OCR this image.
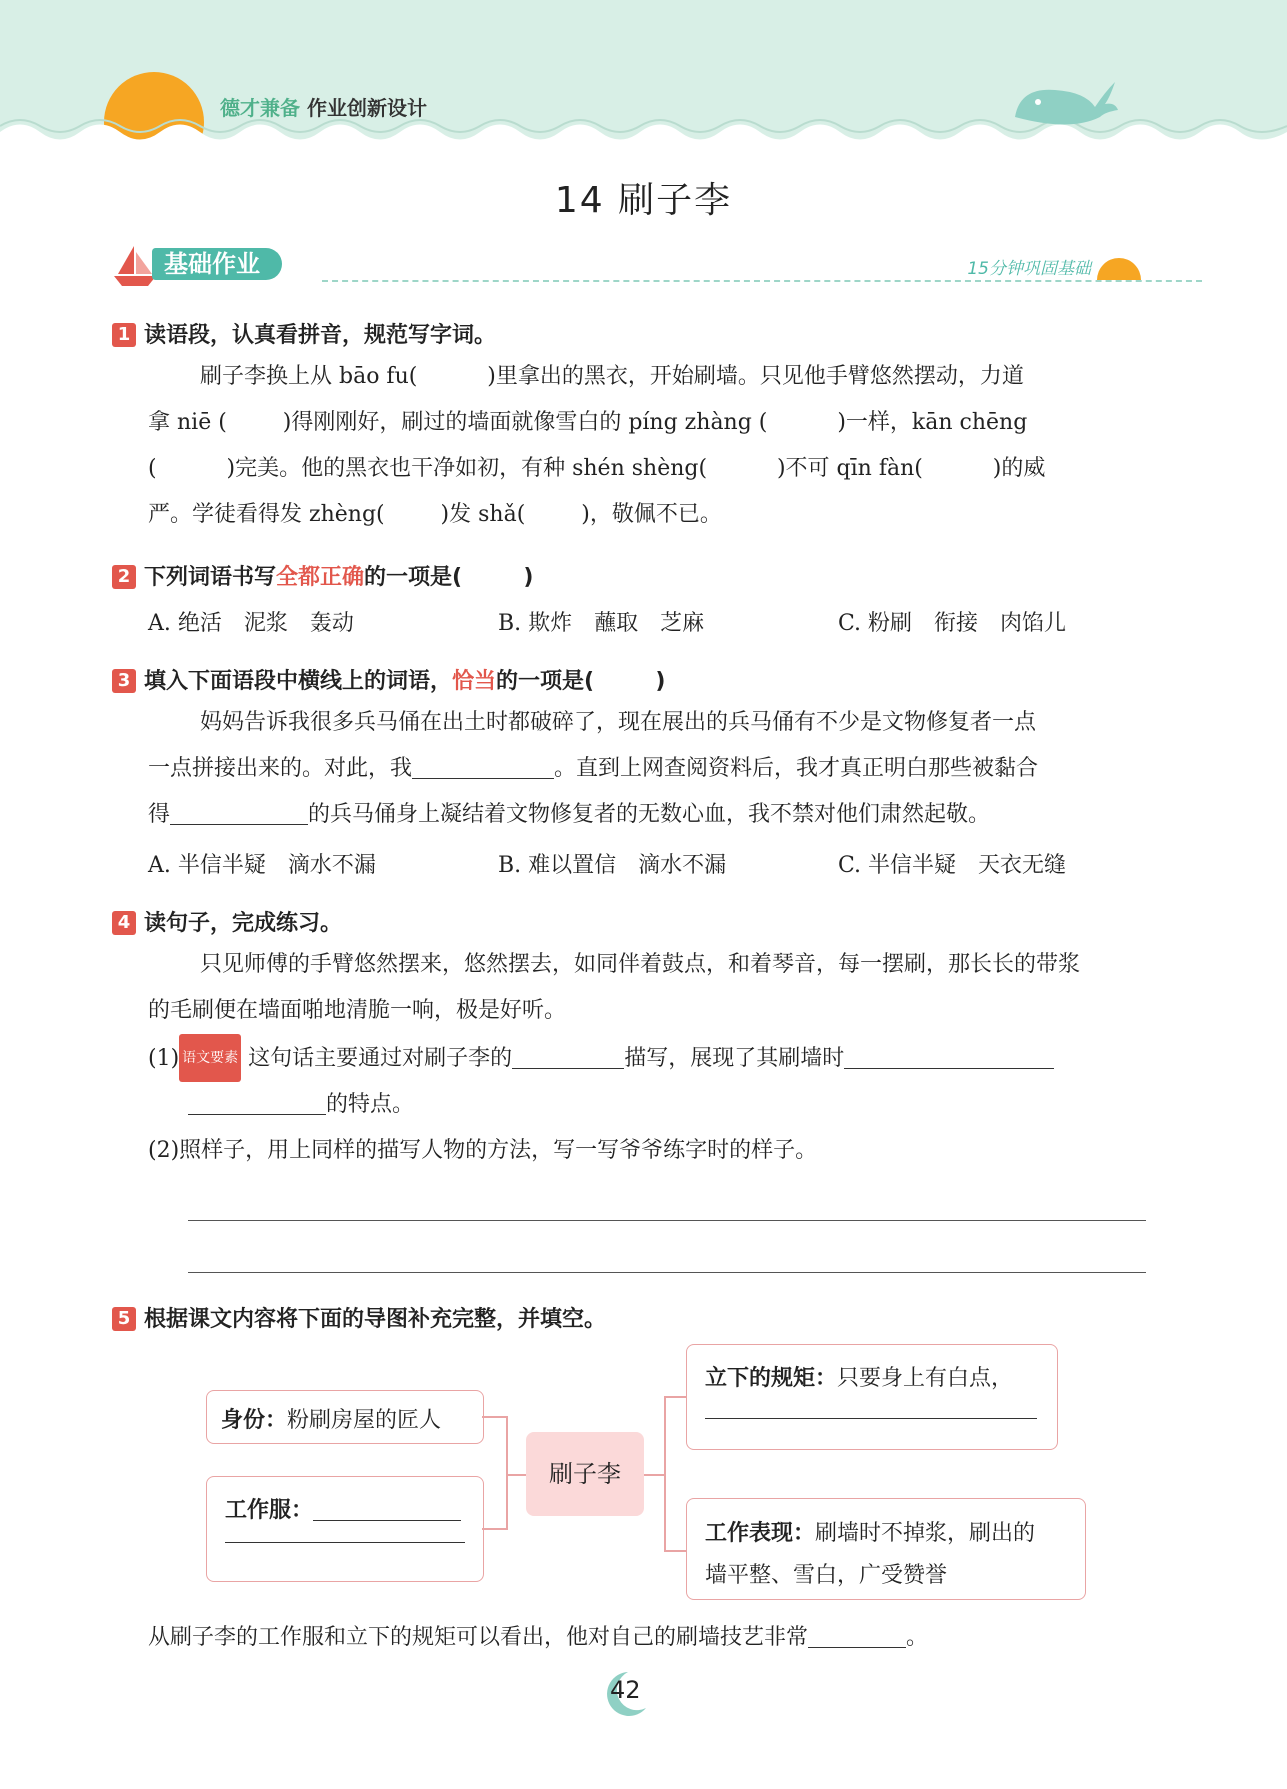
德才兼备 作业创新设计
14 刷子李
基础作业	15分钟巩固基础
1 读语段，认真看拼音，规范写字词。
刷子李换上从 bāo fu(          )里拿出的黑衣，开始刷墙。只见他手臂悠然摆动，力道
拿 niē (        )得刚刚好，刷过的墙面就像雪白的 píng zhàng (          )一样，kān chēng
(          )完美。他的黑衣也干净如初，有种 shén shèng(          )不可 qīn fàn(          )的威
严。学徒看得发 zhèng(        )发 shǎ(        )，敬佩不已。
2 下列词语书写全都正确的一项是(        )
A. 绝活　泥浆　轰动	B. 欺炸　蘸取　芝麻	C. 粉刷　衔接　肉馅儿
3 填入下面语段中横线上的词语，恰当的一项是(        )
妈妈告诉我很多兵马俑在出土时都破碎了，现在展出的兵马俑有不少是文物修复者一点
一点拼接出来的。对此，我	。直到上网查阅资料后，我才真正明白那些被黏合
得	的兵马俑身上凝结着文物修复者的无数心血，我不禁对他们肃然起敬。
A. 半信半疑　滴水不漏	B. 难以置信　滴水不漏	C. 半信半疑　天衣无缝
4 读句子，完成练习。
只见师傅的手臂悠然摆来，悠然摆去，如同伴着鼓点，和着琴音，每一摆刷，那长长的带浆
的毛刷便在墙面啪地清脆一响，极是好听。
(1) 语文要素 这句话主要通过对刷子李的	描写，展现了其刷墙时
的特点。
(2)照样子，用上同样的描写人物的方法，写一写爷爷练字时的样子。
5 根据课文内容将下面的导图补充完整，并填空。
身份：粉刷房屋的匠人
工作服：
刷子李
立下的规矩：只要身上有白点，
工作表现：刷墙时不掉浆，刷出的
墙平整、雪白，广受赞誉
从刷子李的工作服和立下的规矩可以看出，他对自己的刷墙技艺非常	。
42
